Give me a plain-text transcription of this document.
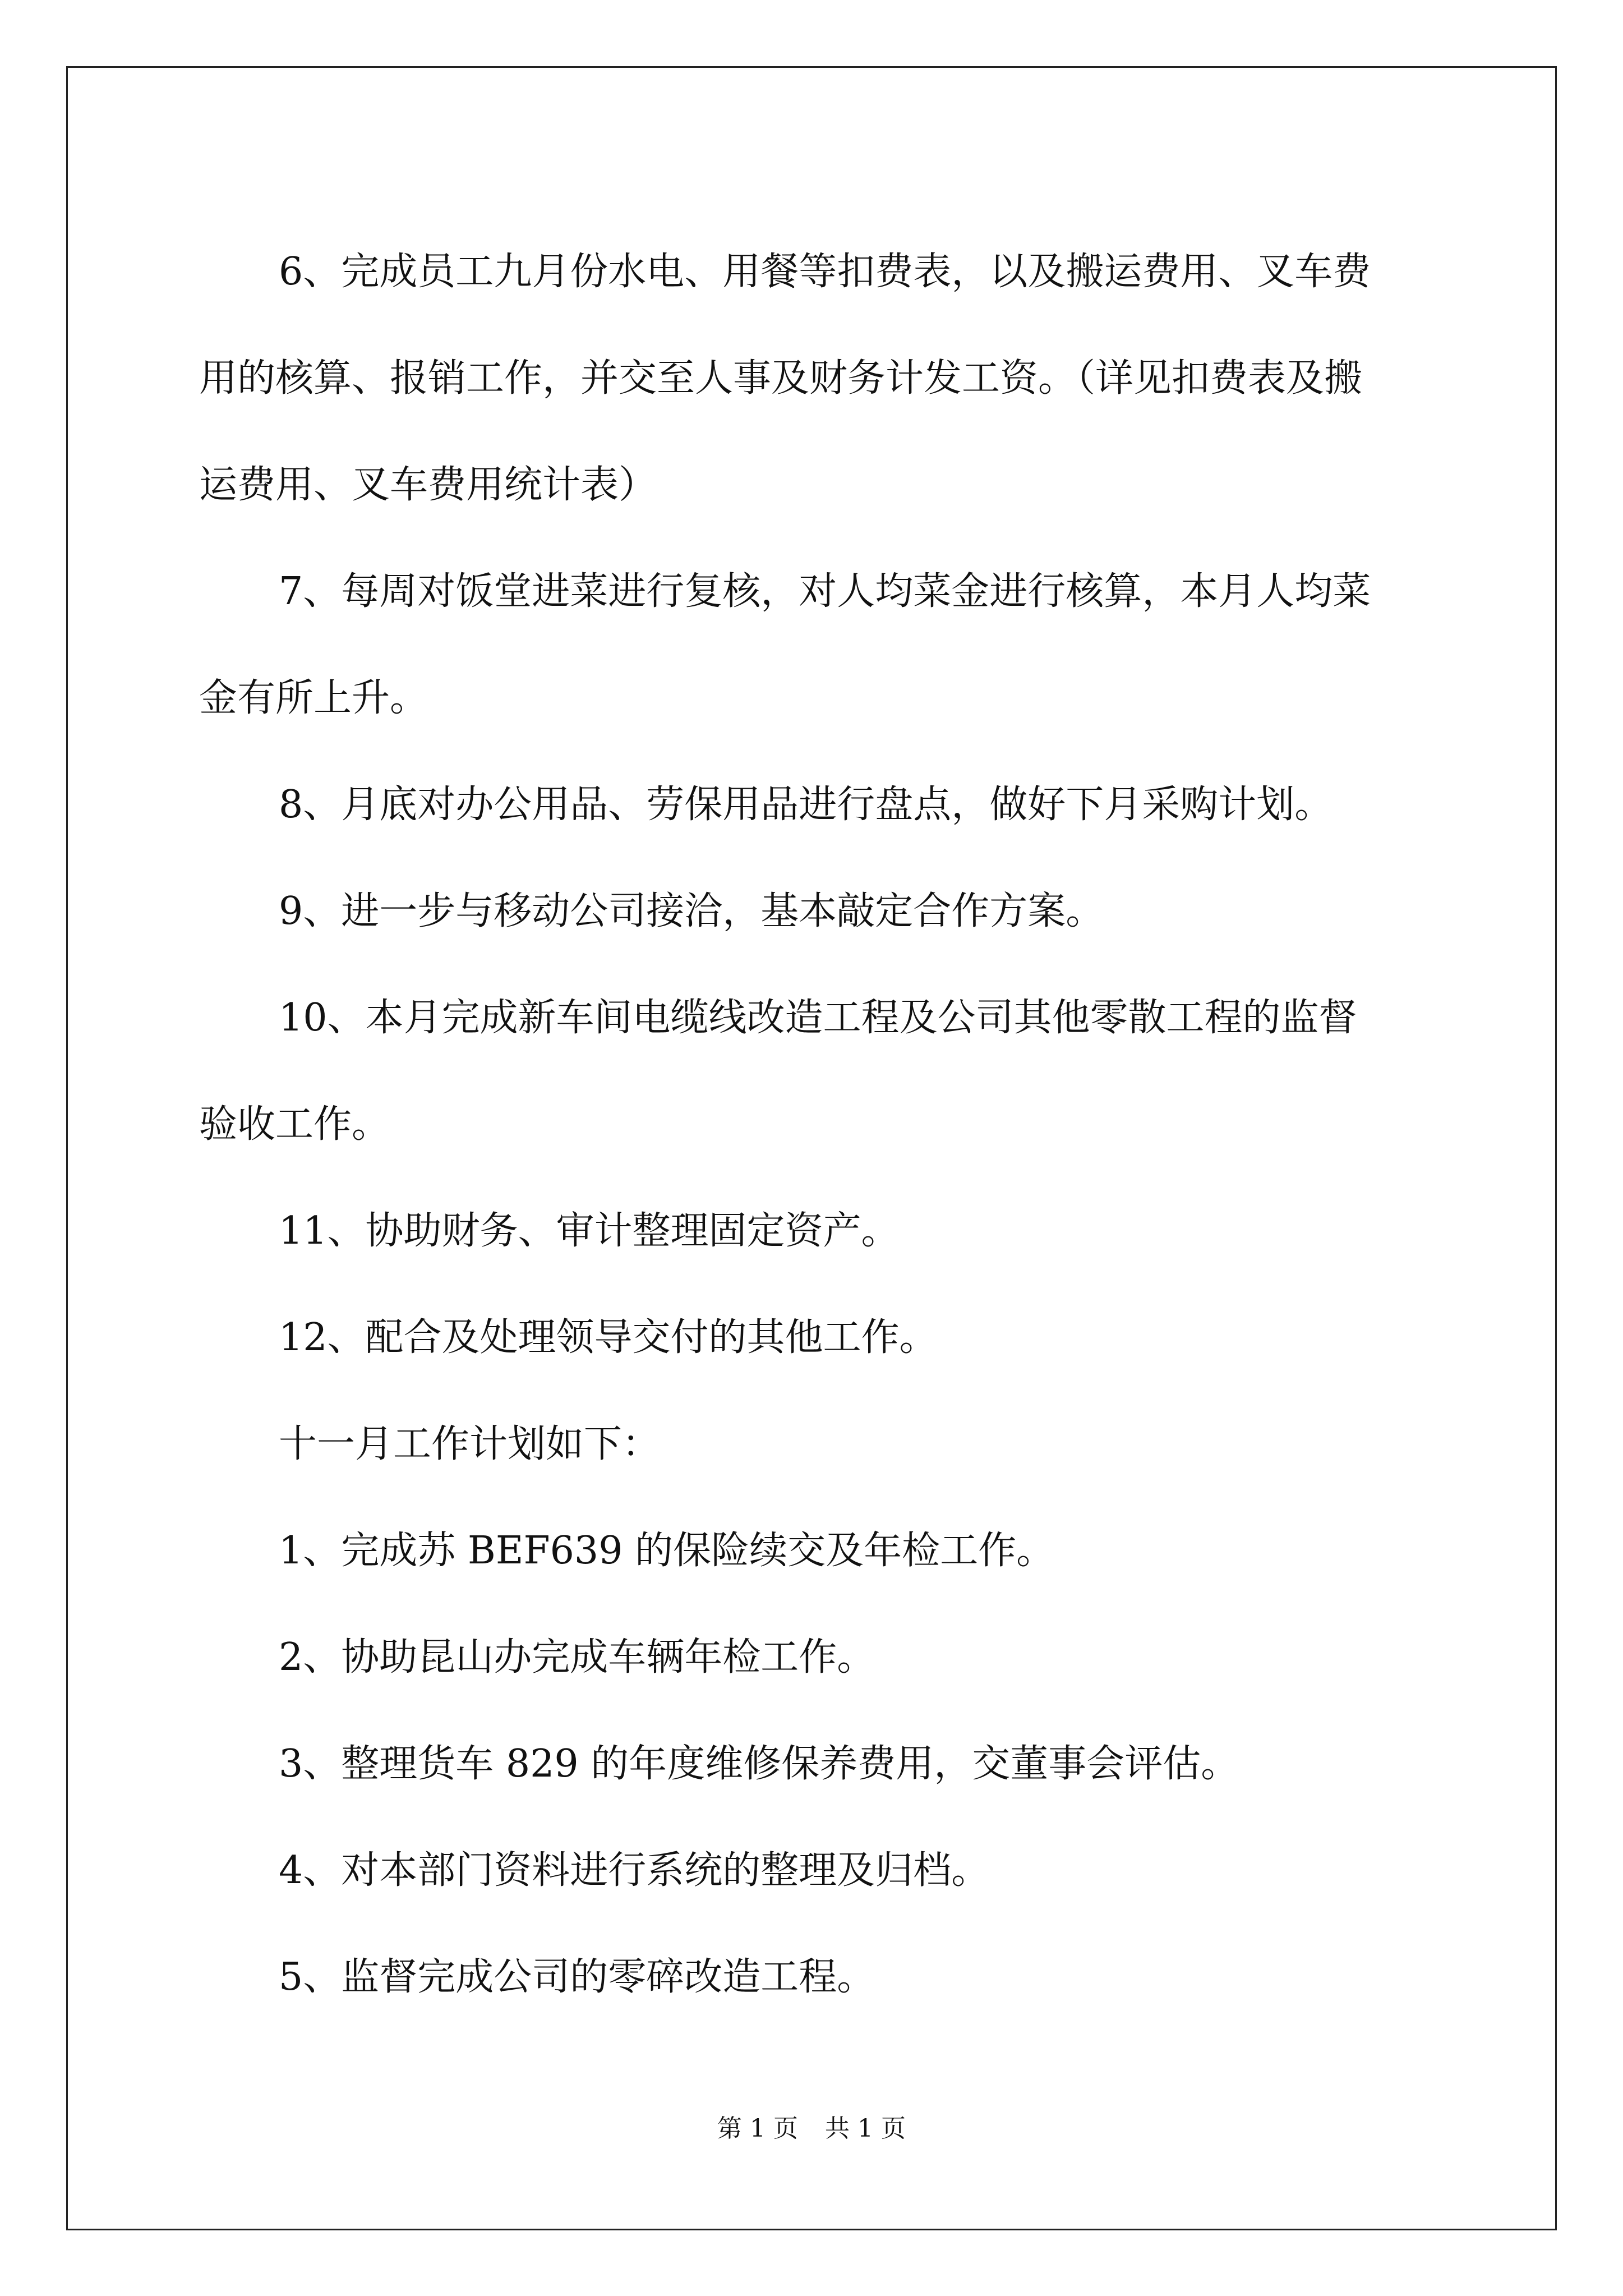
6、完成员工九月份水电、用餐等扣费表，以及搬运费用、叉车费
用的核算、报销工作，并交至人事及财务计发工资。（详见扣费表及搬
运费用、叉车费用统计表）

7、每周对饭堂进菜进行复核，对人均菜金进行核算，本月人均菜
金有所上升。

8、月底对办公用品、劳保用品进行盘点，做好下月采购计划。

9、进一步与移动公司接洽，基本敲定合作方案。

10、本月完成新车间电缆线改造工程及公司其他零散工程的监督
验收工作。

11、协助财务、审计整理固定资产。

12、配合及处理领导交付的其他工作。

十一月工作计划如下：

1、完成苏 BEF639 的保险续交及年检工作。

2、协助昆山办完成车辆年检工作。

3、整理货车 829 的年度维修保养费用，交董事会评估。

4、对本部门资料进行系统的整理及归档。

5、监督完成公司的零碎改造工程。

第 1 页 共 1 页
